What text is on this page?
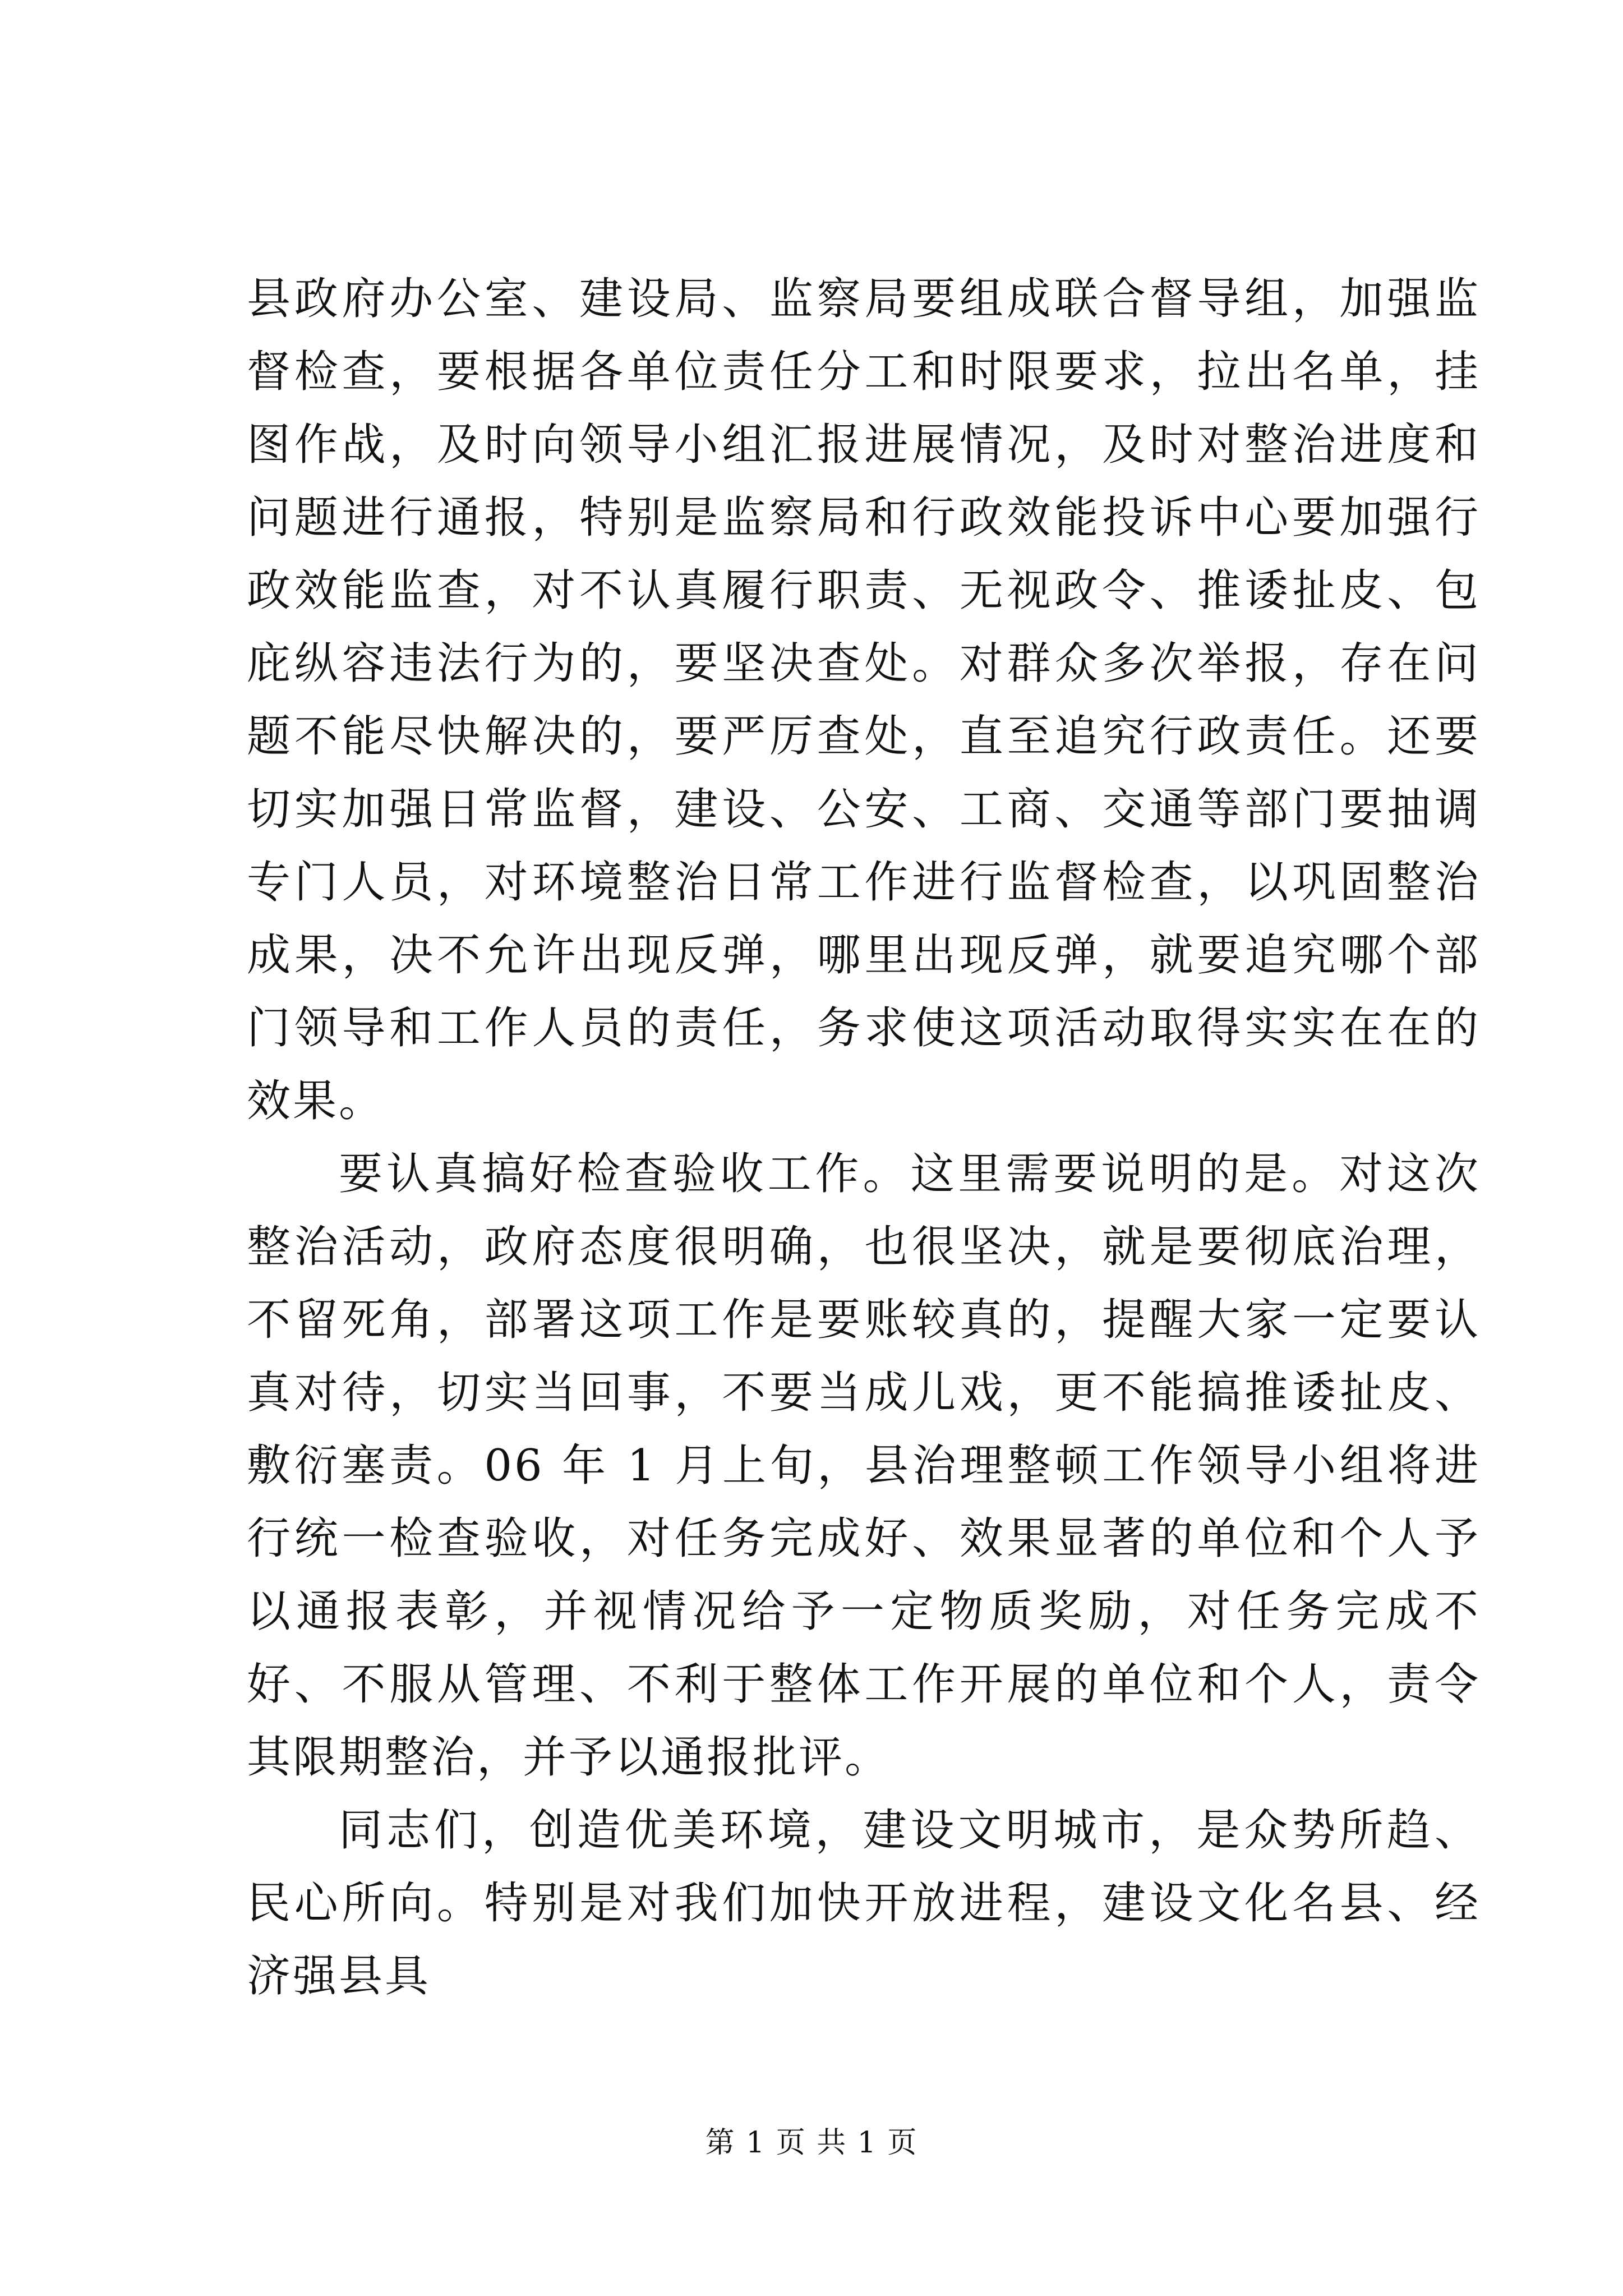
县政府办公室、建设局、监察局要组成联合督导组，加强监督检查，要根据各单位责任分工和时限要求，拉出名单，挂图作战，及时向领导小组汇报进展情况，及时对整治进度和问题进行通报，特别是监察局和行政效能投诉中心要加强行政效能监查，对不认真履行职责、无视政令、推诿扯皮、包庇纵容违法行为的，要坚决查处。对群众多次举报，存在问题不能尽快解决的，要严厉查处，直至追究行政责任。还要切实加强日常监督，建设、公安、工商、交通等部门要抽调专门人员，对环境整治日常工作进行监督检查，以巩固整治成果，决不允许出现反弹，哪里出现反弹，就要追究哪个部门领导和工作人员的责任，务求使这项活动取得实实在在的效果。

要认真搞好检查验收工作。这里需要说明的是。对这次整治活动，政府态度很明确，也很坚决，就是要彻底治理，不留死角，部署这项工作是要账较真的，提醒大家一定要认真对待，切实当回事，不要当成儿戏，更不能搞推诿扯皮、敷衍塞责。06 年 1 月上旬，县治理整顿工作领导小组将进行统一检查验收，对任务完成好、效果显著的单位和个人予以通报表彰，并视情况给予一定物质奖励，对任务完成不好、不服从管理、不利于整体工作开展的单位和个人，责令其限期整治，并予以通报批评。

同志们，创造优美环境，建设文明城市，是众势所趋、民心所向。特别是对我们加快开放进程，建设文化名县、经济强县具

第 1 页 共 1 页
